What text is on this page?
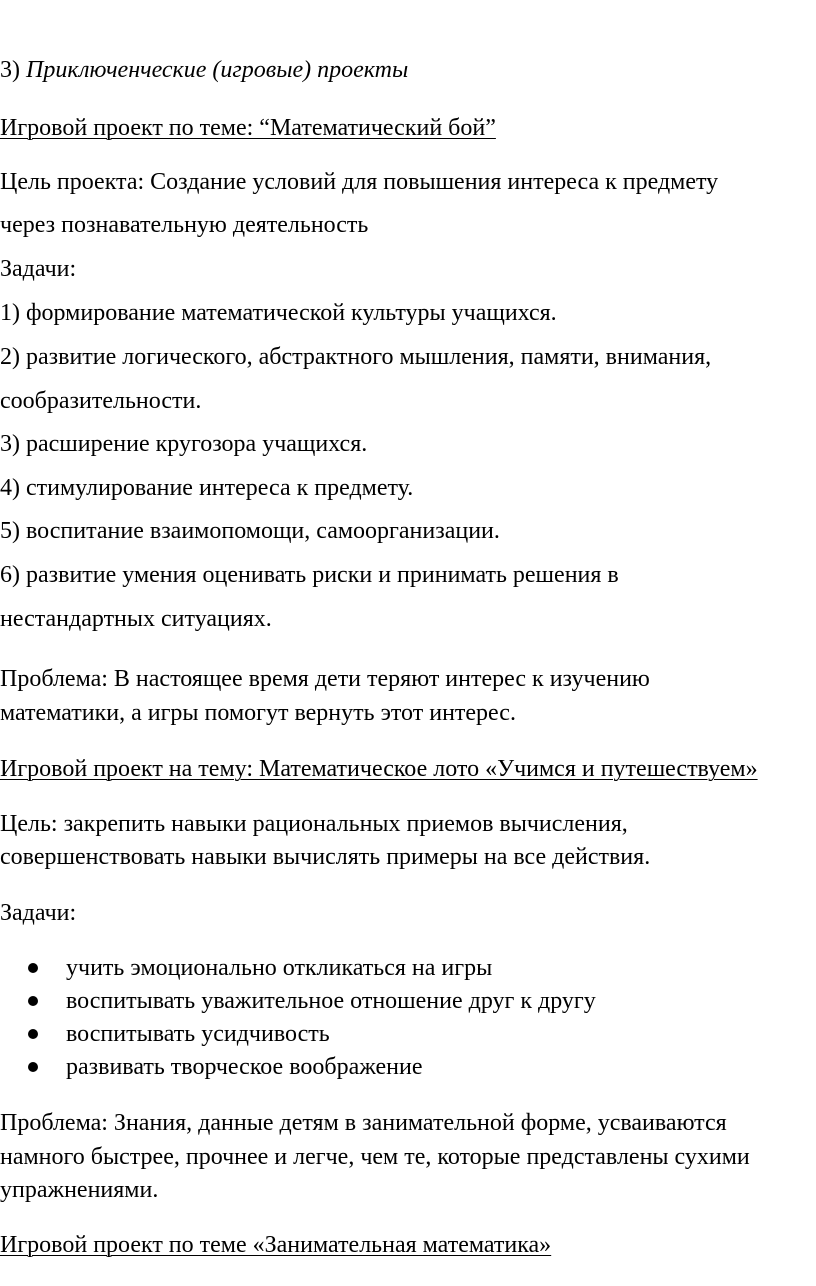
3) Приключенческие (игровые) проекты
Игровой проект по теме: “Математический бой”
Цель проекта: Создание условий для повышения интереса к предмету
через познавательную деятельность
Задачи:
1) формирование математической культуры учащихся.
2) развитие логического, абстрактного мышления, памяти, внимания,
сообразительности.
3) расширение кругозора учащихся.
4) стимулирование интереса к предмету.
5) воспитание взаимопомощи, самоорганизации.
6) развитие умения оценивать риски и принимать решения в
нестандартных ситуациях.
Проблема: В настоящее время дети теряют интерес к изучению
математики, а игры помогут вернуть этот интерес.
Игровой проект на тему: Математическое лото «Учимся и путешествуем»
Цель: закрепить навыки рациональных приемов вычисления,
совершенствовать навыки вычислять примеры на все действия.
Задачи:
учить эмоционально откликаться на игры
воспитывать уважительное отношение друг к другу
воспитывать усидчивость
развивать творческое воображение
Проблема: Знания, данные детям в занимательной форме, усваиваются
намного быстрее, прочнее и легче, чем те, которые представлены сухими
упражнениями.
Игровой проект по теме «Занимательная математика»
